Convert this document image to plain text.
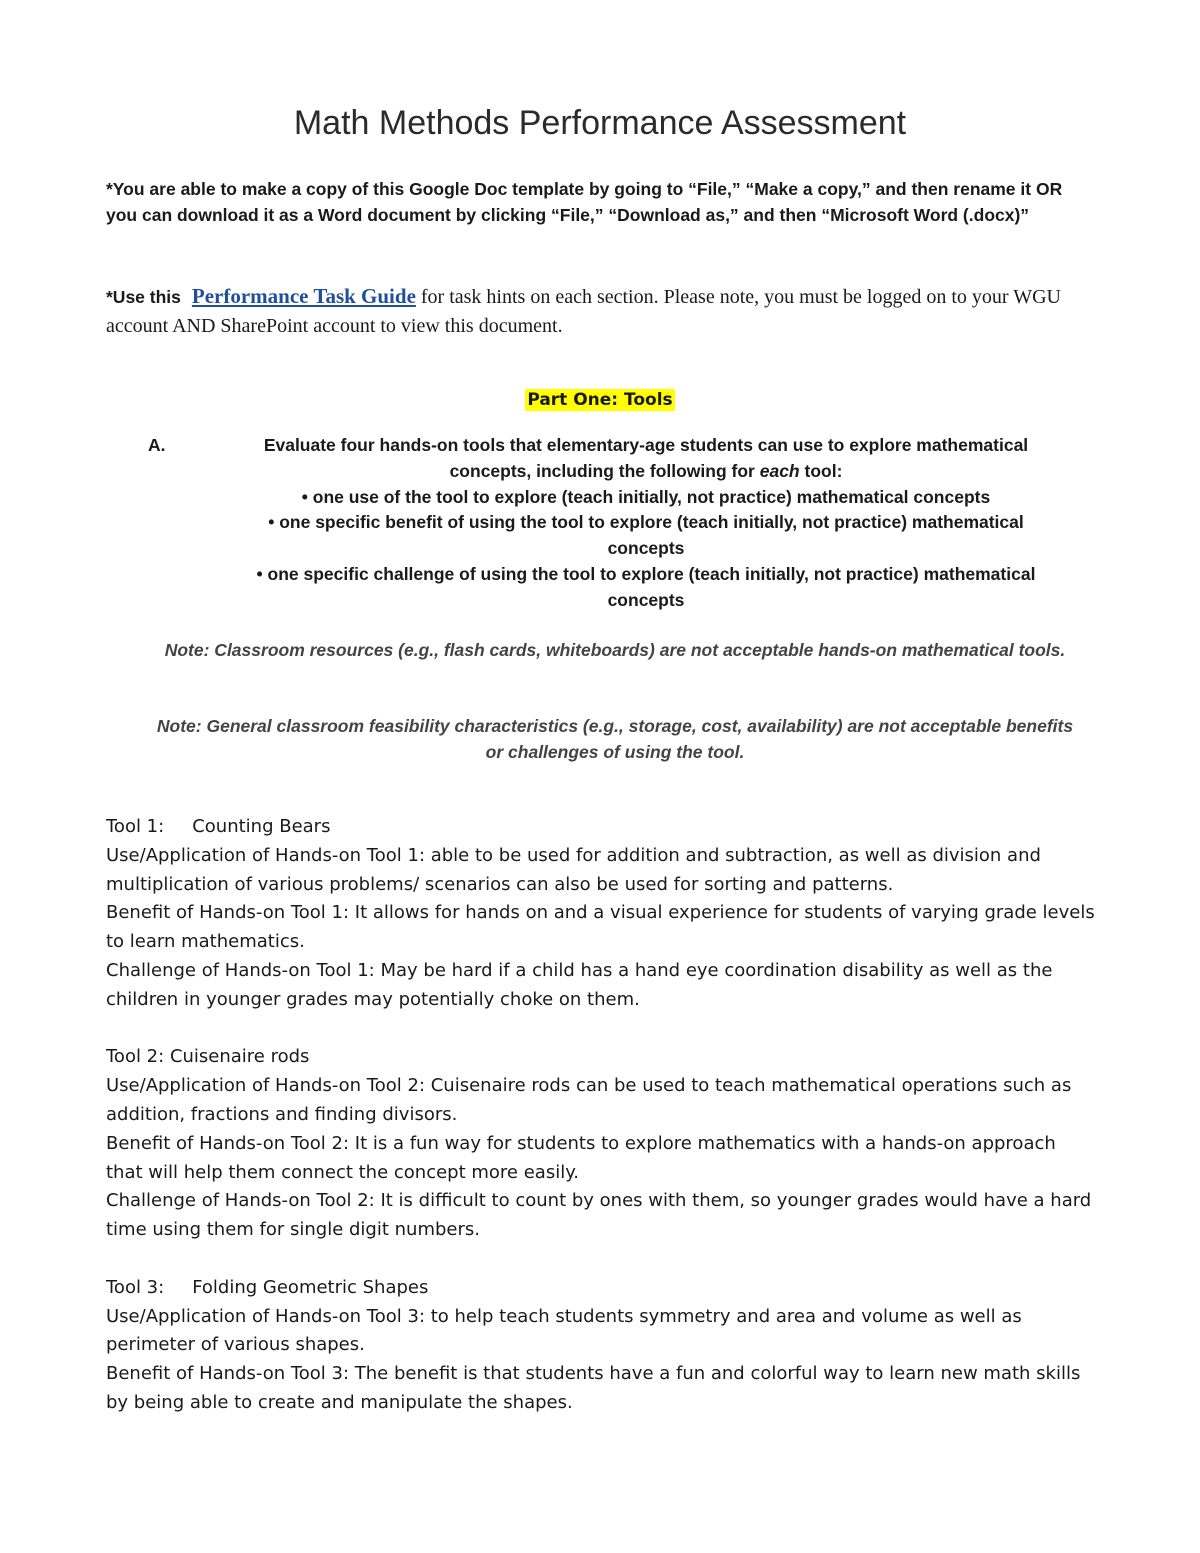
Math Methods Performance Assessment

*You are able to make a copy of this Google Doc template by going to “File,” “Make a copy,” and then rename it OR you can download it as a Word document by clicking “File,” “Download as,” and then “Microsoft Word (.docx)”

*Use this Performance Task Guide for task hints on each section. Please note, you must be logged on to your WGU account AND SharePoint account to view this document.

Part One: Tools

A.	Evaluate four hands-on tools that elementary-age students can use to explore mathematical
concepts, including the following for each tool:
• one use of the tool to explore (teach initially, not practice) mathematical concepts
• one specific benefit of using the tool to explore (teach initially, not practice) mathematical
concepts
• one specific challenge of using the tool to explore (teach initially, not practice) mathematical
concepts

Note: Classroom resources (e.g., flash cards, whiteboards) are not acceptable hands-on mathematical tools.

Note: General classroom feasibility characteristics (e.g., storage, cost, availability) are not acceptable benefits or challenges of using the tool.

Tool 1: Counting Bears

Use/Application of Hands-on Tool 1: able to be used for addition and subtraction, as well as division and multiplication of various problems/ scenarios can also be used for sorting and patterns.

Benefit of Hands-on Tool 1: It allows for hands on and a visual experience for students of varying grade levels to learn mathematics.

Challenge of Hands-on Tool 1: May be hard if a child has a hand eye coordination disability as well as the children in younger grades may potentially choke on them.

Tool 2: Cuisenaire rods

Use/Application of Hands-on Tool 2: Cuisenaire rods can be used to teach mathematical operations such as addition, fractions and finding divisors.

Benefit of Hands-on Tool 2: It is a fun way for students to explore mathematics with a hands-on approach that will help them connect the concept more easily.

Challenge of Hands-on Tool 2: It is difficult to count by ones with them, so younger grades would have a hard time using them for single digit numbers.

Tool 3: Folding Geometric Shapes

Use/Application of Hands-on Tool 3: to help teach students symmetry and area and volume as well as perimeter of various shapes.

Benefit of Hands-on Tool 3: The benefit is that students have a fun and colorful way to learn new math skills by being able to create and manipulate the shapes.
